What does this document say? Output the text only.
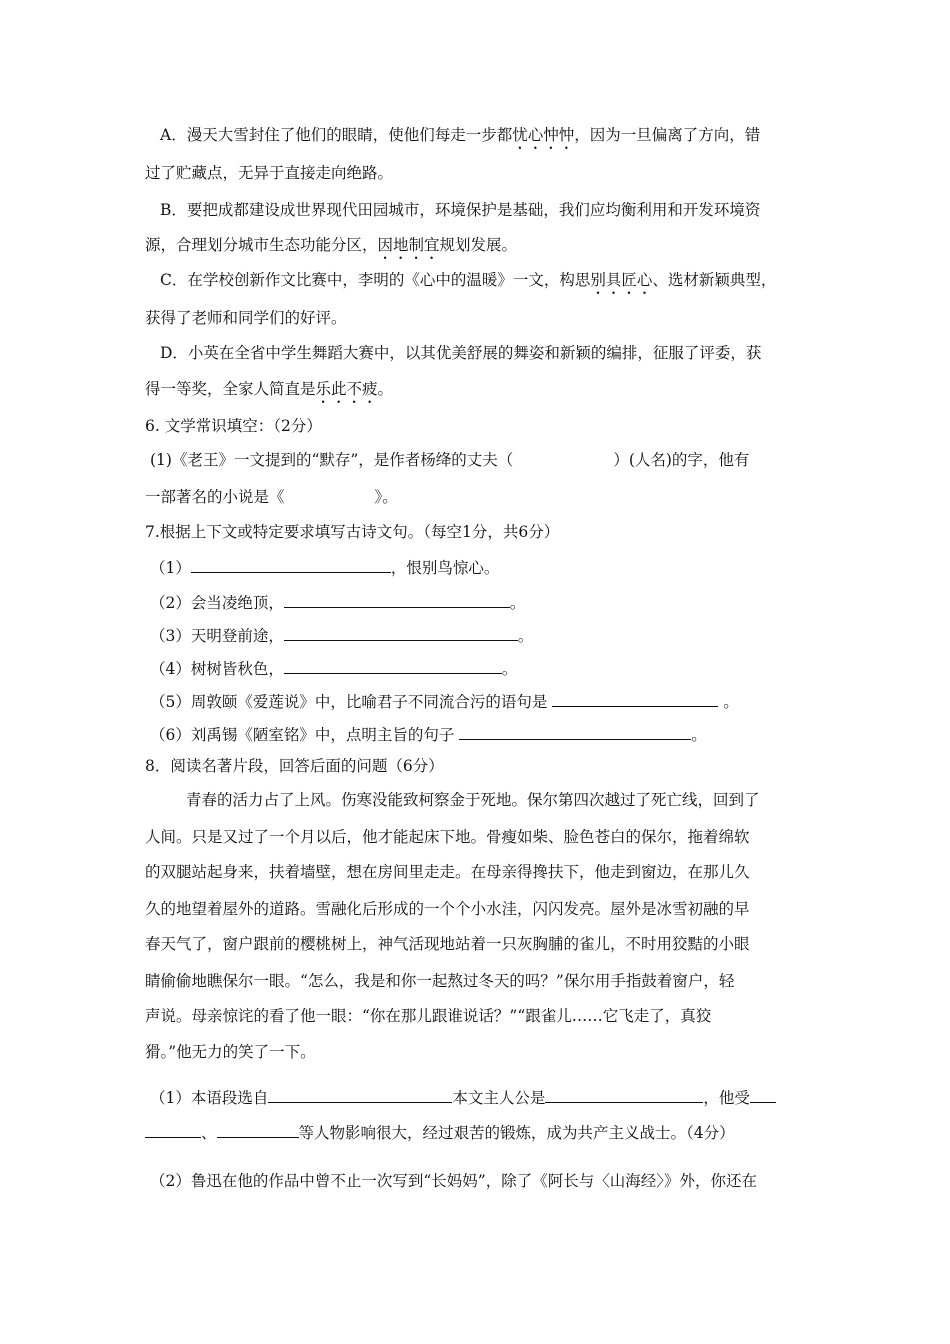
A．漫天大雪封住了他们的眼睛，使他们每走一步都忧心忡忡，因为一旦偏离了方向，错
过了贮藏点，无异于直接走向绝路。
B．要把成都建设成世界现代田园城市，环境保护是基础，我们应均衡利用和开发环境资
源，合理划分城市生态功能分区，因地制宜规划发展。
C．在学校创新作文比赛中，李明的《心中的温暖》一文，构思别具匠心、选材新颖典型，
获得了老师和同学们的好评。
D．小英在全省中学生舞蹈大赛中，以其优美舒展的舞姿和新颖的编排，征服了评委，获
得一等奖，全家人简直是乐此不疲。
6. 文学常识填空：（2分）
(1)《老王》一文提到的“默存”，是作者杨绛的丈夫（	）(人名)的字，他有
一部著名的小说是《	》。
7.根据上下文或特定要求填写古诗文句。（每空1分，共6分）
（1）	，恨别鸟惊心。
（2）会当凌绝顶，	。
（3）天明登前途，	。
（4）树树皆秋色，	。
（5）周敦颐《爱莲说》中，比喻君子不同流合污的语句是	。
（6）刘禹锡《陋室铭》中，点明主旨的句子	。
8．阅读名著片段，回答后面的问题（6分）
青春的活力占了上风。伤寒没能致柯察金于死地。保尔第四次越过了死亡线，回到了
人间。只是又过了一个月以后，他才能起床下地。骨瘦如柴、脸色苍白的保尔，拖着绵软
的双腿站起身来，扶着墙壁，想在房间里走走。在母亲得搀扶下，他走到窗边，在那儿久
久的地望着屋外的道路。雪融化后形成的一个个小水洼，闪闪发亮。屋外是冰雪初融的早
春天气了，窗户跟前的樱桃树上，神气活现地站着一只灰胸脯的雀儿，不时用狡黠的小眼
睛偷偷地瞧保尔一眼。“怎么，我是和你一起熬过冬天的吗？”保尔用手指鼓着窗户，轻
声说。母亲惊诧的看了他一眼：“你在那儿跟谁说话？”“跟雀儿……它飞走了，真狡
猾。”他无力的笑了一下。
（1）本语段选自	本文主人公是	，他受
、	等人物影响很大，经过艰苦的锻炼，成为共产主义战士。（4分）
（2）鲁迅在他的作品中曾不止一次写到“长妈妈”，除了《阿长与〈山海经〉》外，你还在
